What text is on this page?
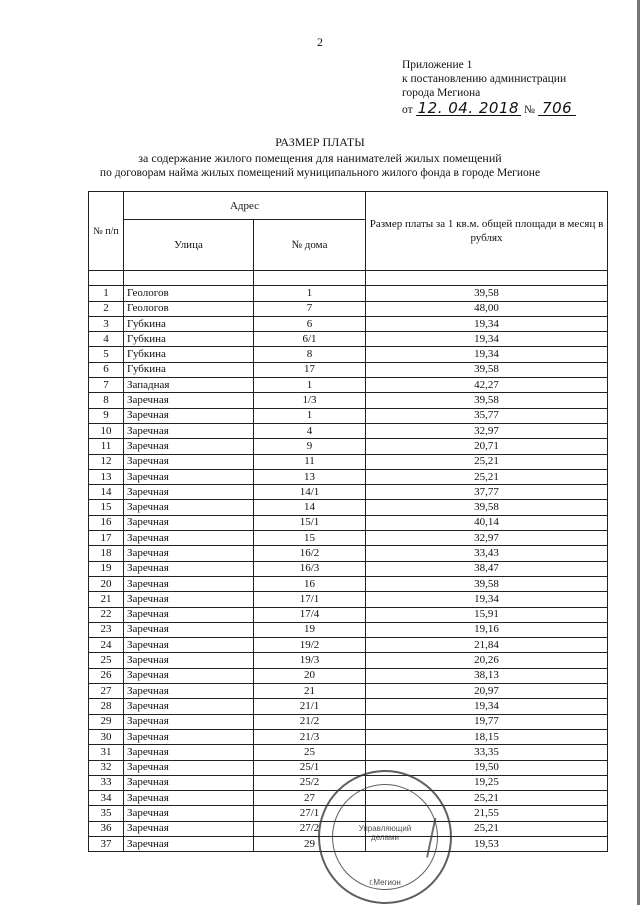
2
Приложение 1
к постановлению администрации
города Мегиона
от 12. 04. 2018 № 706
РАЗМЕР ПЛАТЫ
за содержание жилого помещения для нанимателей жилых помещений
по договорам найма жилых помещений муниципального жилого фонда в городе Мегионе
№ п/п	Адрес		Размер платы за 1 кв.м. общей площади в месяц в рублях
	Улица	№ дома	

1	Геологов	1	39,58
2	Геологов	7	48,00
3	Губкина	6	19,34
4	Губкина	6/1	19,34
5	Губкина	8	19,34
6	Губкина	17	39,58
7	Западная	1	42,27
8	Заречная	1/3	39,58
9	Заречная	1	35,77
10	Заречная	4	32,97
11	Заречная	9	20,71
12	Заречная	11	25,21
13	Заречная	13	25,21
14	Заречная	14/1	37,77
15	Заречная	14	39,58
16	Заречная	15/1	40,14
17	Заречная	15	32,97
18	Заречная	16/2	33,43
19	Заречная	16/3	38,47
20	Заречная	16	39,58
21	Заречная	17/1	19,34
22	Заречная	17/4	15,91
23	Заречная	19	19,16
24	Заречная	19/2	21,84
25	Заречная	19/3	20,26
26	Заречная	20	38,13
27	Заречная	21	20,97
28	Заречная	21/1	19,34
29	Заречная	21/2	19,77
30	Заречная	21/3	18,15
31	Заречная	25	33,35
32	Заречная	25/1	19,50
33	Заречная	25/2	19,25
34	Заречная	27	25,21
35	Заречная	27/1	21,55
36	Заречная	27/2	25,21
37	Заречная	29	19,53
Управляющий делами
г.Мегион
